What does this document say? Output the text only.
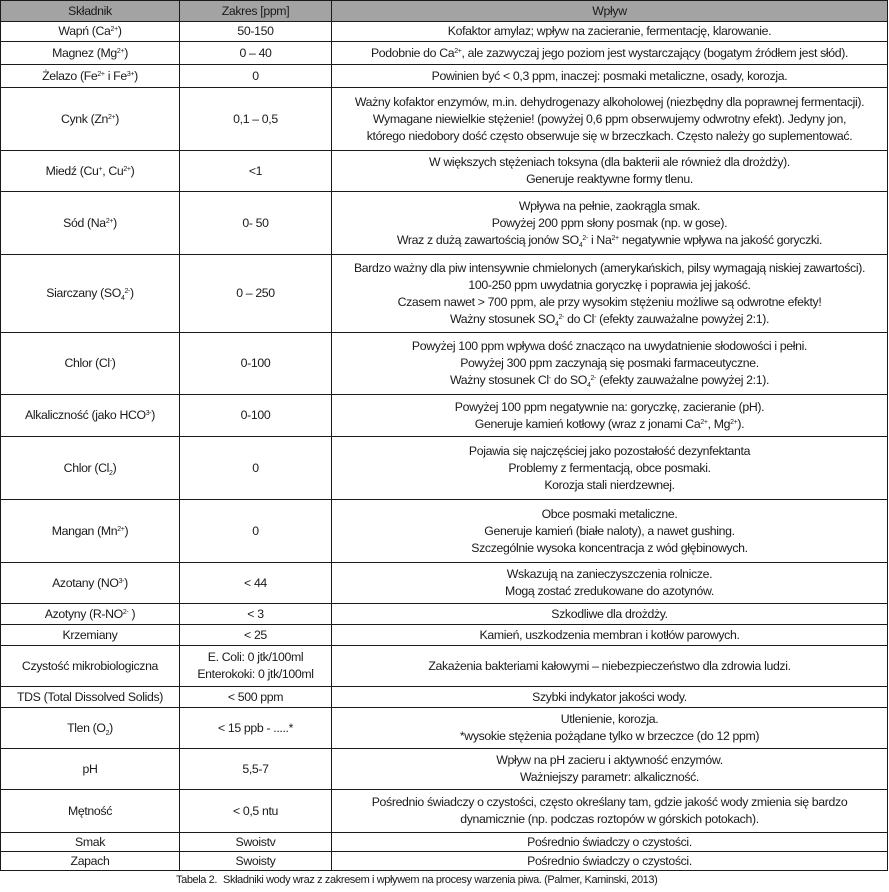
Składnik	Zakres [ppm]	Wpływ
Wapń $(Ca^{2+})$	50-150	Kofaktor amylaz; wpływ na zacieranie, fermentację, klarowanie.

Magnez $(Mg^{2+})$	0 – 40	Podobnie do $Ca^{2+}$, ale zazwyczaj jego poziom jest wystarczający (bogatym źródłem jest słód).

Żelazo ($Fe^{2+}$ i $Fe^{3+}$)	0	Powinien być < 0,3 ppm, inaczej: posmaki metaliczne, osady, korozja.

Cynk $(Zn^{2+})$	0,1 – 0,5	Ważny kofaktor enzymów, m.in. dehydrogenazy alkoholowej (niezbędny dla poprawnej fermentacji).
Wymagane niewielkie stężenie! (powyżej 0,6 ppm obserwujemy odwrotny efekt). Jedyny jon,
którego niedobory dość często obserwuje się w brzeczkach. Często należy go suplementować.

Miedź (Cu+, $Cu^{2+}$)	<1	W większych stężeniach toksyna (dla bakterii ale również dla drożdży).
Generuje reaktywne formy tlenu.

Sód $(Na^{2+})$	0- 50	Wpływa na pełnie, zaokrągla smak.
Powyżej 200 ppm słony posmak (np. w gose).
Wraz z dużą zawartością jonów $SO_4^{2-}$ i $Na^{2+}$ negatywnie wpływa na jakość goryczki.

Siarczany $(SO_4^{2-})$	0 – 250	Bardzo ważny dla piw intensywnie chmielonych (amerykańskich, pilsy wymagają niskiej zawartości).
100-250 ppm uwydatnia goryczkę i poprawia jej jakość.
Czasem nawet > 700 ppm, ale przy wysokim stężeniu możliwe są odwrotne efekty!
Ważny stosunek $SO_4^{2-}$ do Cl- (efekty zauważalne powyżej 2:1).

Chlor (Cl-)	0-100	Powyżej 100 ppm wpływa dość znacząco na uwydatnienie słodowości i pełni.
Powyżej 300 ppm zaczynają się posmaki farmaceutyczne.
Ważny stosunek Cl- do $SO_4^{2-}$ (efekty zauważalne powyżej 2:1).

Alkaliczność (jako $HCO^{3-}$)	0-100	Powyżej 100 ppm negatywnie na: goryczkę, zacieranie (pH).
Generuje kamień kotłowy (wraz z jonami $Ca^{2+}$, $Mg^{2+}$).

Chlor $(Cl_2)$	0	Pojawia się najczęściej jako pozostałość dezynfektanta
Problemy z fermentacją, obce posmaki.
Korozja stali nierdzewnej.

Mangan $(Mn^{2+})$	0	Obce posmaki metaliczne.
Generuje kamień (białe naloty), a nawet gushing.
Szczególnie wysoka koncentracja z wód głębinowych.

Azotany $(NO^{3-})$	< 44	Wskazują na zanieczyszczenia rolnicze.
Mogą zostać zredukowane do azotynów.

Azotyny ($R-NO^{2-}$ )	< 3	Szkodliwe dla drożdży.

Krzemiany	< 25	Kamień, uszkodzenia membran i kotłów parowych.

Czystość mikrobiologiczna	E. Coli: 0 jtk/100ml
Enterokoki: 0 jtk/100ml	Zakażenia bakteriami kałowymi – niebezpieczeństwo dla zdrowia ludzi.

TDS (Total Dissolved Solids)	< 500 ppm	Szybki indykator jakości wody.

Tlen $(O_2)$	< 15 ppb - .....*	Utlenienie, korozja.
*wysokie stężenia pożądane tylko w brzeczce (do 12 ppm)

pH	5,5-7	Wpływ na pH zacieru i aktywność enzymów.
Ważniejszy parametr: alkaliczność.

Mętność	< 0,5 ntu	Pośrednio świadczy o czystości, często określany tam, gdzie jakość wody zmienia się bardzo
dynamicznie (np. podczas roztopów w górskich potokach).

Smak	Swoistv	Pośrednio świadczy o czystości.

Zapach	Swoisty	Pośrednio świadczy o czystości.
Tabela 2. Składniki wody wraz z zakresem i wpływem na procesy warzenia piwa. (Palmer, Kaminski, 2013)
